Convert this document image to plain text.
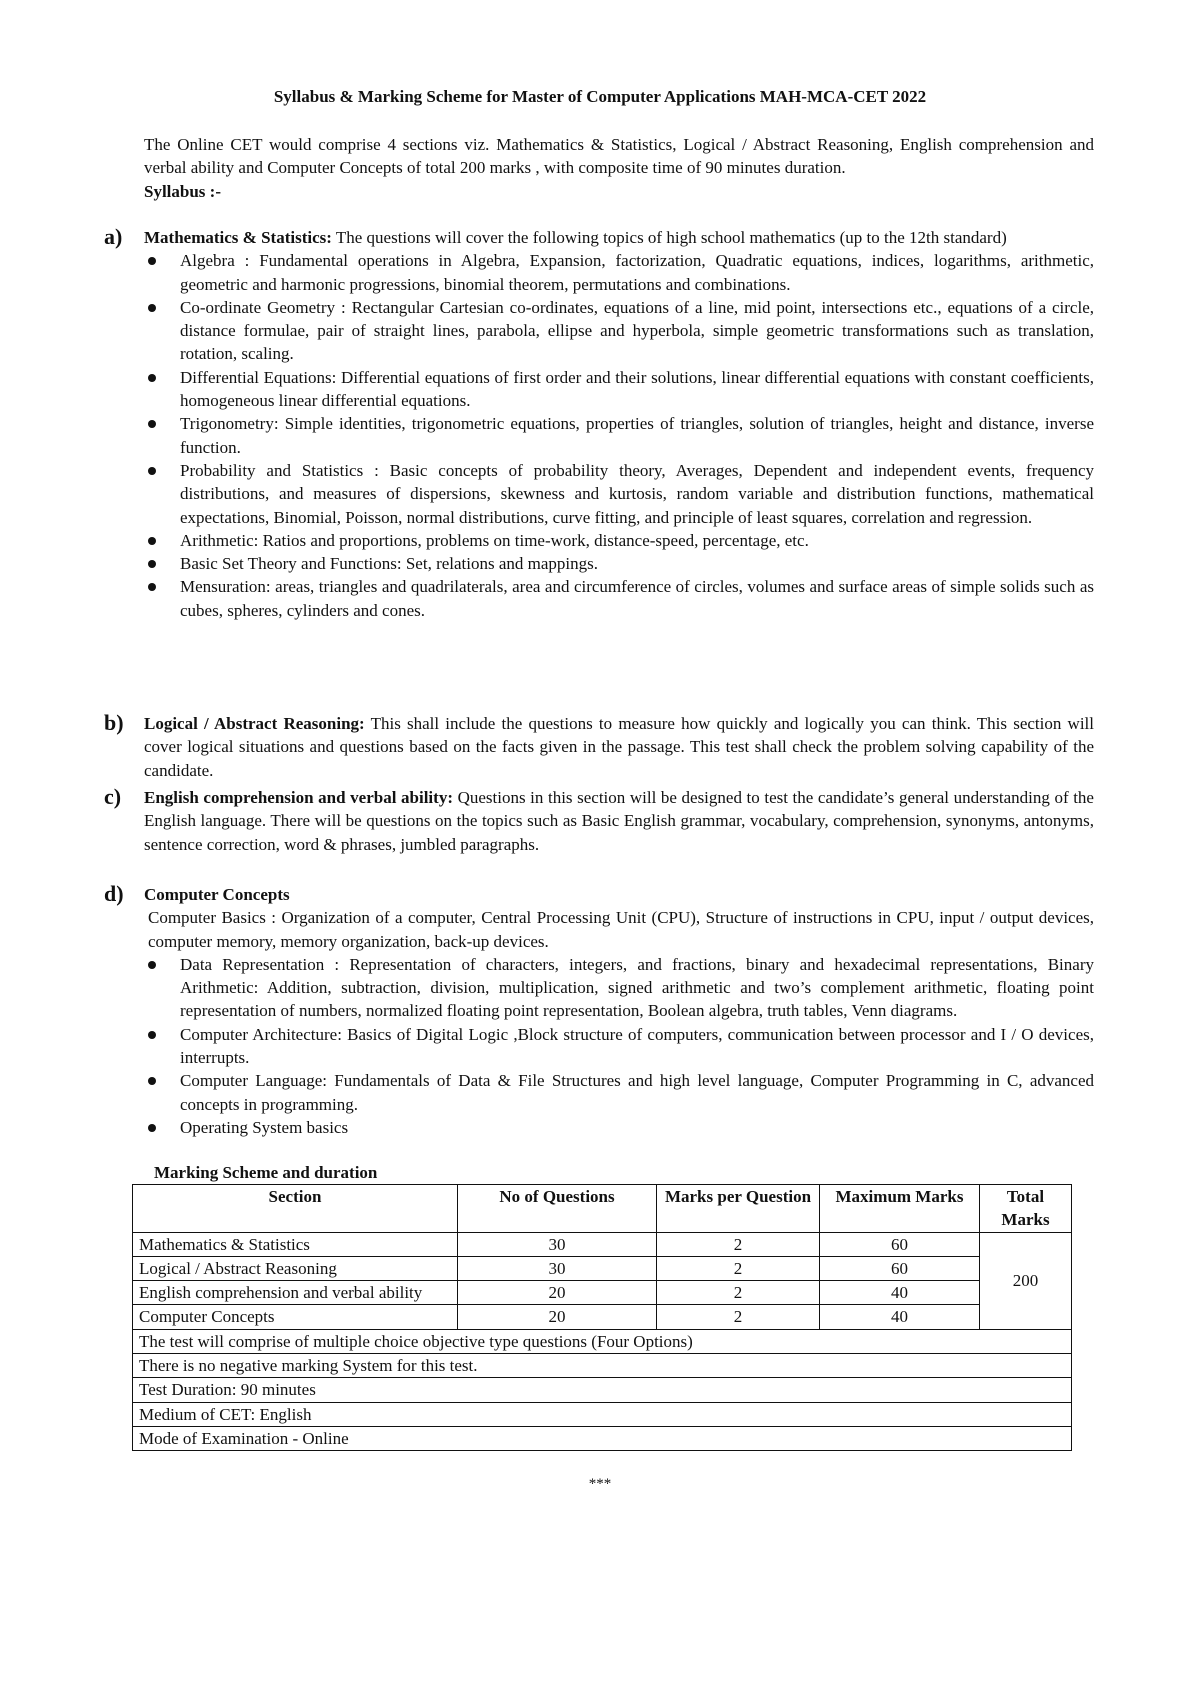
Syllabus & Marking Scheme for Master of Computer Applications MAH-MCA-CET 2022

The Online CET would comprise 4 sections viz. Mathematics & Statistics, Logical / Abstract Reasoning, English comprehension and verbal ability and Computer Concepts of total 200 marks , with composite time of 90 minutes duration.

Syllabus :-

a) Mathematics & Statistics: The questions will cover the following topics of high school mathematics (up to the 12th standard)
Algebra : Fundamental operations in Algebra, Expansion, factorization, Quadratic equations, indices, logarithms, arithmetic, geometric and harmonic progressions, binomial theorem, permutations and combinations.
Co-ordinate Geometry : Rectangular Cartesian co-ordinates, equations of a line, mid point, intersections etc., equations of a circle, distance formulae, pair of straight lines, parabola, ellipse and hyperbola, simple geometric transformations such as translation, rotation, scaling.
Differential Equations: Differential equations of first order and their solutions, linear differential equations with constant coefficients, homogeneous linear differential equations.
Trigonometry: Simple identities, trigonometric equations, properties of triangles, solution of triangles, height and distance, inverse function.
Probability and Statistics : Basic concepts of probability theory, Averages, Dependent and independent events, frequency distributions, and measures of dispersions, skewness and kurtosis, random variable and distribution functions, mathematical expectations, Binomial, Poisson, normal distributions, curve fitting, and principle of least squares, correlation and regression.
Arithmetic: Ratios and proportions, problems on time-work, distance-speed, percentage, etc.
Basic Set Theory and Functions: Set, relations and mappings.
Mensuration: areas, triangles and quadrilaterals, area and circumference of circles, volumes and surface areas of simple solids such as cubes, spheres, cylinders and cones.
b) Logical / Abstract Reasoning: This shall include the questions to measure how quickly and logically you can think. This section will cover logical situations and questions based on the facts given in the passage. This test shall check the problem solving capability of the candidate.
c) English comprehension and verbal ability: Questions in this section will be designed to test the candidate’s general understanding of the English language. There will be questions on the topics such as Basic English grammar, vocabulary, comprehension, synonyms, antonyms, sentence correction, word & phrases, jumbled paragraphs.
d) Computer Concepts
Computer Basics : Organization of a computer, Central Processing Unit (CPU), Structure of instructions in CPU, input / output devices, computer memory, memory organization, back-up devices.
Data Representation : Representation of characters, integers, and fractions, binary and hexadecimal representations, Binary Arithmetic: Addition, subtraction, division, multiplication, signed arithmetic and two’s complement arithmetic, floating point representation of numbers, normalized floating point representation, Boolean algebra, truth tables, Venn diagrams.
Computer Architecture: Basics of Digital Logic ,Block structure of computers, communication between processor and I / O devices, interrupts.
Computer Language: Fundamentals of Data & File Structures and high level language, Computer Programming in C, advanced concepts in programming.
Operating System basics
Marking Scheme and duration
Section	No of Questions	Marks per Question	Maximum Marks	Total Marks
Mathematics & Statistics	30	2	60	200
Logical / Abstract Reasoning	30	2	60	
English comprehension and verbal ability	20	2	40	
Computer Concepts	20	2	40	
The test will comprise of multiple choice objective type questions (Four Options)				
There is no negative marking System for this test.				
Test Duration: 90 minutes				
Medium of CET: English				
Mode of Examination - Online				
***
